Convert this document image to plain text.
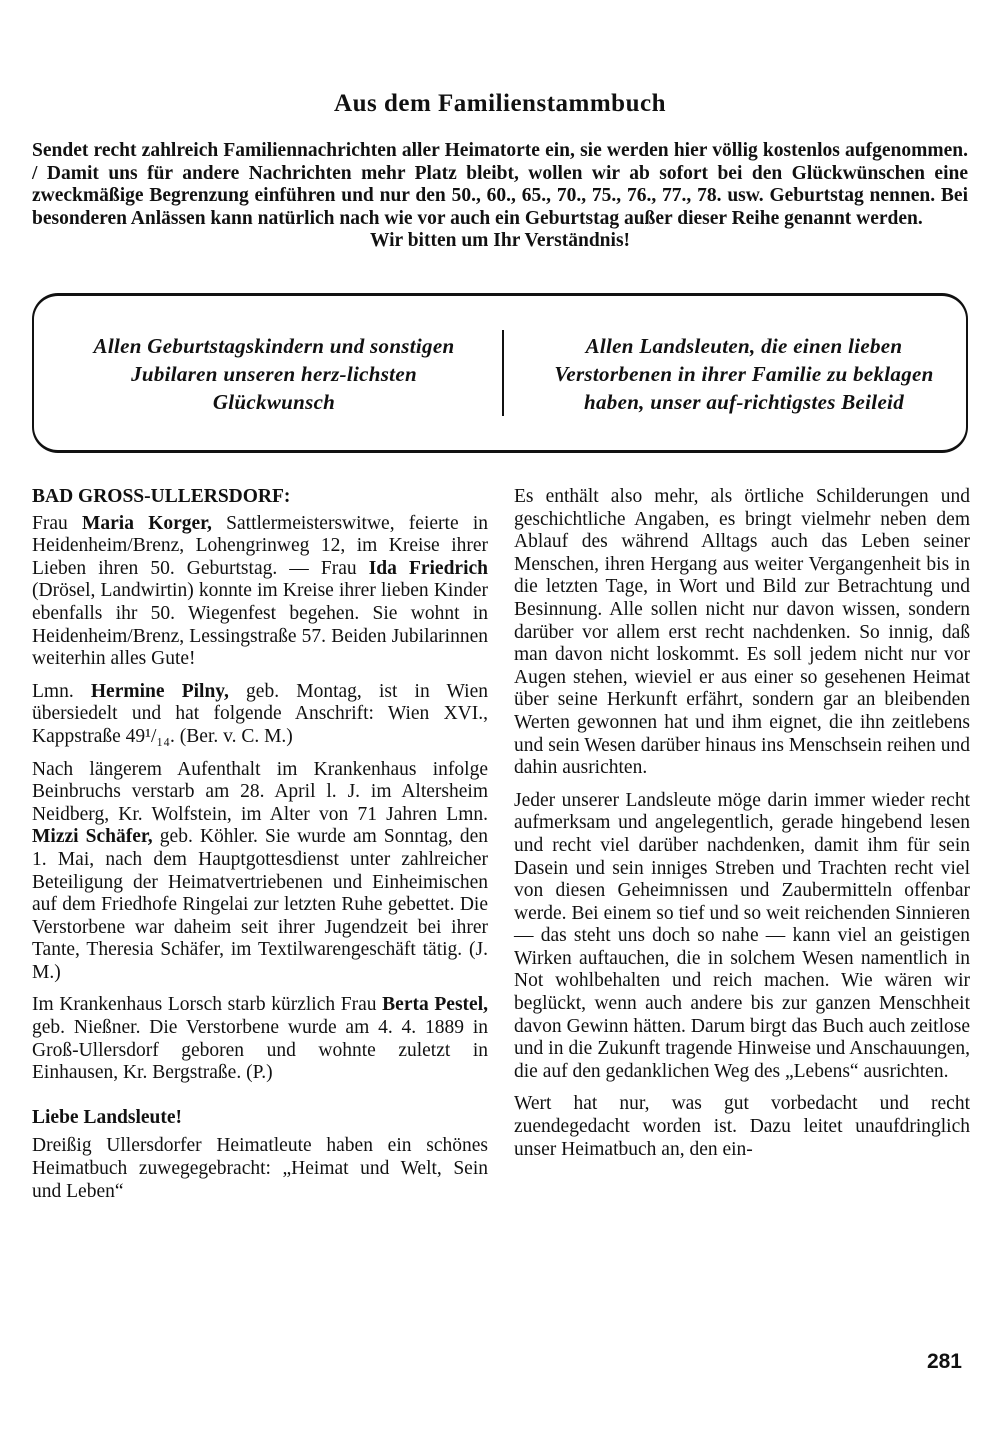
Aus dem Familienstammbuch
Sendet recht zahlreich Familiennachrichten aller Heimatorte ein, sie werden hier völlig kostenlos aufgenommen. / Damit uns für andere Nachrichten mehr Platz bleibt, wollen wir ab sofort bei den Glückwünschen eine zweckmäßige Begrenzung einführen und nur den 50., 60., 65., 70., 75., 76., 77., 78. usw. Geburtstag nennen. Bei besonderen Anlässen kann natürlich nach wie vor auch ein Geburtstag außer dieser Reihe genannt werden.
Wir bitten um Ihr Verständnis!
Allen Geburtstagskindern und sonstigen Jubilaren unseren herz-lichsten Glückwunsch
Allen Landsleuten, die einen lieben Verstorbenen in ihrer Familie zu beklagen haben, unser auf-richtigstes Beileid
BAD GROSS-ULLERSDORF:

Frau Maria Korger, Sattlermeisterswitwe, feierte in Heidenheim/Brenz, Lohengrinweg 12, im Kreise ihrer Lieben ihren 50. Geburtstag. — Frau Ida Friedrich (Drösel, Landwirtin) konnte im Kreise ihrer lieben Kinder ebenfalls ihr 50. Wiegenfest begehen. Sie wohnt in Heidenheim/Brenz, Lessingstraße 57. Beiden Jubilarinnen weiterhin alles Gute!

Lmn. Hermine Pilny, geb. Montag, ist in Wien übersiedelt und hat folgende Anschrift: Wien XVI., Kappstraße 49¹/₁₄. (Ber. v. C. M.)

Nach längerem Aufenthalt im Krankenhaus infolge Beinbruchs verstarb am 28. April l. J. im Altersheim Neidberg, Kr. Wolfstein, im Alter von 71 Jahren Lmn. Mizzi Schäfer, geb. Köhler. Sie wurde am Sonntag, den 1. Mai, nach dem Hauptgottesdienst unter zahlreicher Beteiligung der Heimatvertriebenen und Einheimischen auf dem Friedhofe Ringelai zur letzten Ruhe gebettet. Die Verstorbene war daheim seit ihrer Jugendzeit bei ihrer Tante, Theresia Schäfer, im Textilwarengeschäft tätig. (J. M.)

Im Krankenhaus Lorsch starb kürzlich Frau Berta Pestel, geb. Nießner. Die Verstorbene wurde am 4. 4. 1889 in Groß-Ullersdorf geboren und wohnte zuletzt in Einhausen, Kr. Bergstraße. (P.)

Liebe Landsleute!

Dreißig Ullersdorfer Heimatleute haben ein schönes Heimatbuch zuwegegebracht: „Heimat und Welt, Sein und Leben“

Es enthält also mehr, als örtliche Schilderungen und geschichtliche Angaben, es bringt vielmehr neben dem Ablauf des während Alltags auch das Leben seiner Menschen, ihren Hergang aus weiter Vergangenheit bis in die letzten Tage, in Wort und Bild zur Betrachtung und Besinnung. Alle sollen nicht nur davon wissen, sondern darüber vor allem erst recht nachdenken. So innig, daß man davon nicht loskommt. Es soll jedem nicht nur vor Augen stehen, wieviel er aus einer so gesehenen Heimat über seine Herkunft erfährt, sondern gar an bleibenden Werten gewonnen hat und ihm eignet, die ihn zeitlebens und sein Wesen darüber hinaus ins Menschsein reihen und dahin ausrichten.

Jeder unserer Landsleute möge darin immer wieder recht aufmerksam und angelegentlich, gerade hingebend lesen und recht viel darüber nachdenken, damit ihm für sein Dasein und sein inniges Streben und Trachten recht viel von diesen Geheimnissen und Zaubermitteln offenbar werde. Bei einem so tief und so weit reichenden Sinnieren — das steht uns doch so nahe — kann viel an geistigen Wirken auftauchen, die in solchem Wesen namentlich in Not wohlbehalten und reich machen. Wie wären wir beglückt, wenn auch andere bis zur ganzen Menschheit davon Gewinn hätten. Darum birgt das Buch auch zeitlose und in die Zukunft tragende Hinweise und Anschauungen, die auf den gedanklichen Weg des „Lebens“ ausrichten.

Wert hat nur, was gut vorbedacht und recht zuendegedacht worden ist. Dazu leitet unaufdringlich unser Heimatbuch an, den ein-

281
